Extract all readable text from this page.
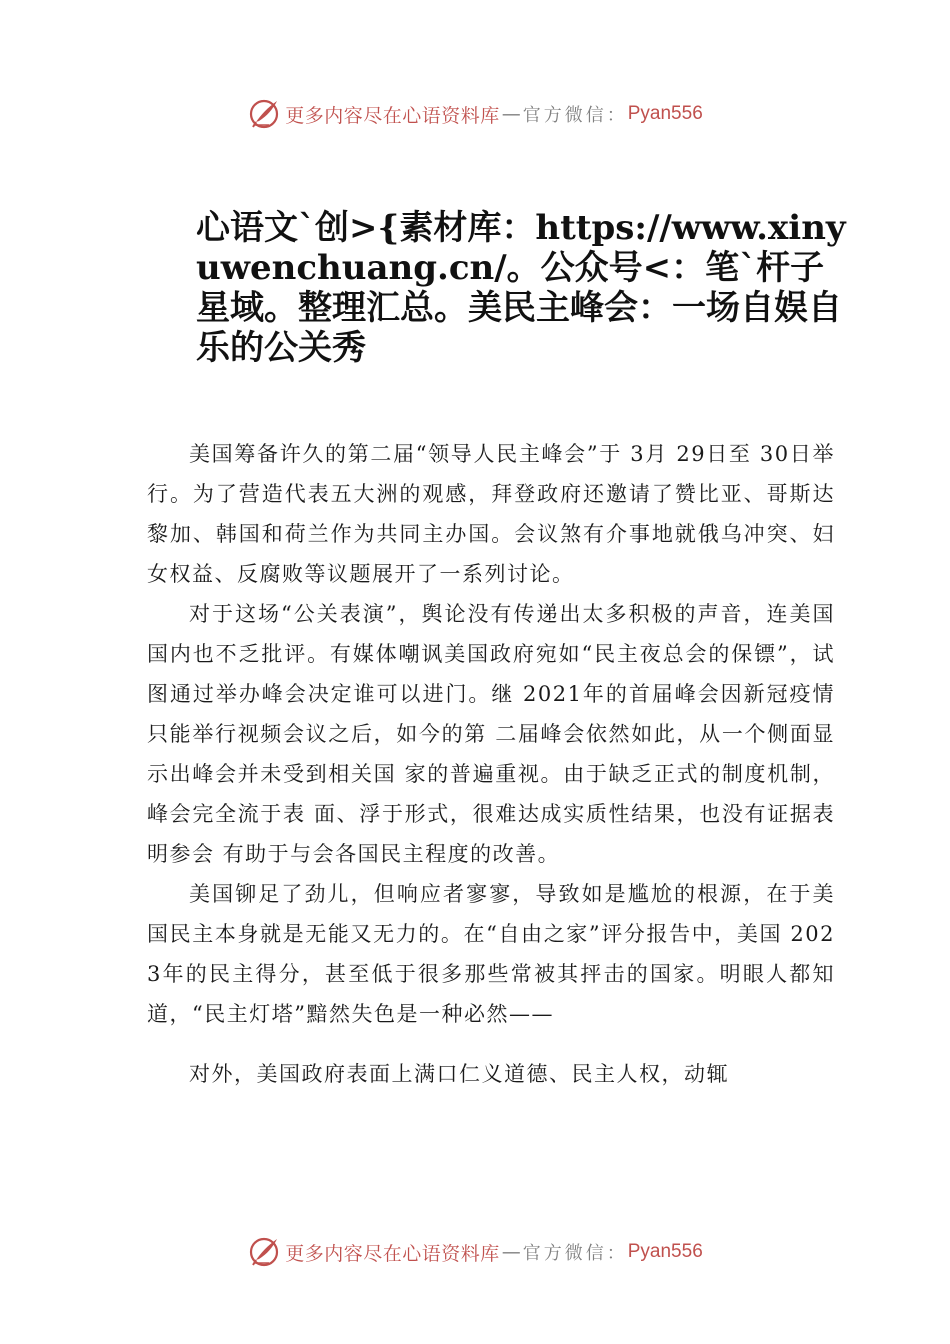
更多内容尽在心语资料库 — 官方微信： Pyan556
心语文`创>{素材库：https://www.xinyuwenchuang.cn/。公众号<：笔`杆子星域。整理汇总。美民主峰会：一场自娱自乐的公关秀

美国筹备许久的第二届“领导人民主峰会”于 3月 29日至 30日举行。为了营造代表五大洲的观感，拜登政府还邀请了赞比亚、哥斯达黎加、韩国和荷兰作为共同主办国。会议煞有介事地就俄乌冲突、妇女权益、反腐败等议题展开了一系列讨论。

对于这场“公关表演”，舆论没有传递出太多积极的声音，连美国国内也不乏批评。有媒体嘲讽美国政府宛如“民主夜总会的保镖”，试图通过举办峰会决定谁可以进门。继 2021年的首届峰会因新冠疫情只能举行视频会议之后，如今的第 二届峰会依然如此，从一个侧面显示出峰会并未受到相关国 家的普遍重视。由于缺乏正式的制度机制，峰会完全流于表 面、浮于形式，很难达成实质性结果，也没有证据表明参会 有助于与会各国民主程度的改善。

美国铆足了劲儿，但响应者寥寥，导致如是尴尬的根源，在于美国民主本身就是无能又无力的。在“自由之家”评分报告中，美国 2023年的民主得分，甚至低于很多那些常被其抨击的国家。明眼人都知道，“民主灯塔”黯然失色是一种必然——

对外，美国政府表面上满口仁义道德、民主人权，动辄

更多内容尽在心语资料库 — 官方微信： Pyan556
